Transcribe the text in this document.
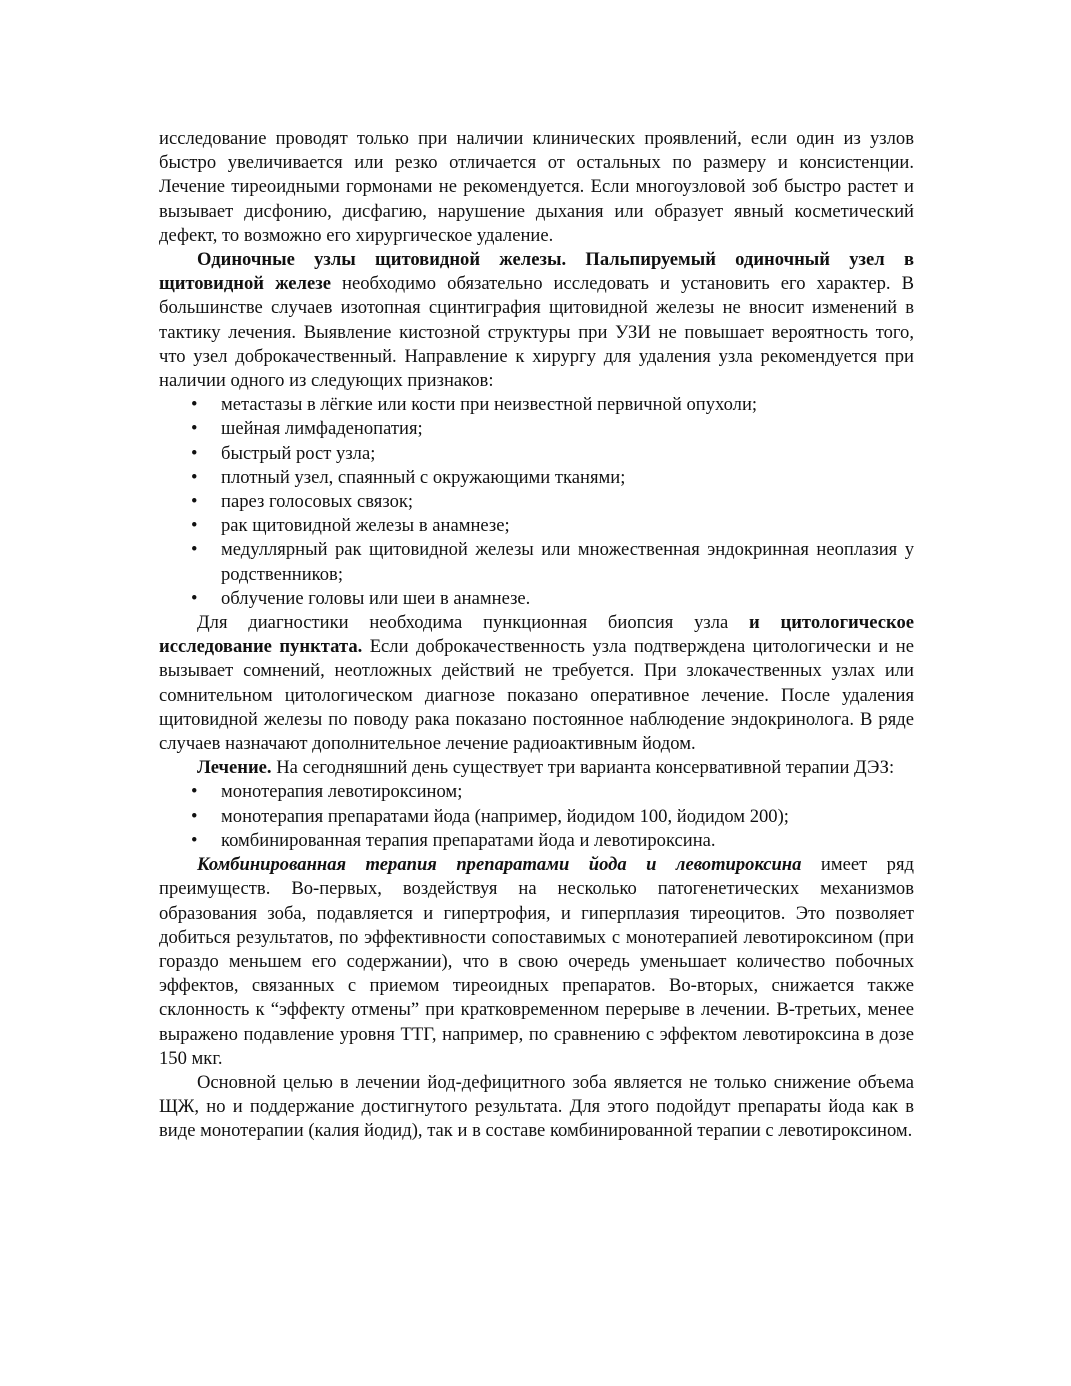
исследование проводят только при наличии клинических проявлений, если один из узлов быстро увеличивается или резко отличается от остальных по размеру и консистенции. Лечение тиреоидными гормонами не рекомендуется. Если многоузловой зоб быстро растет и вызывает дисфонию, дисфагию, нарушение дыхания или образует явный косметический дефект, то возможно его хирургическое удаление.

Одиночные узлы щитовидной железы. Пальпируемый одиночный узел в щитовидной железе необходимо обязательно исследовать и установить его характер. В большинстве случаев изотопная сцинтиграфия щитовидной железы не вносит изменений в тактику лечения. Выявление кистозной структуры при УЗИ не повышает вероятность того, что узел доброкачественный. Направление к хирургу для удаления узла рекомендуется при наличии одного из следующих признаков:

• метастазы в лёгкие или кости при неизвестной первичной опухоли;
• шейная лимфаденопатия;
• быстрый рост узла;
• плотный узел, спаянный с окружающими тканями;
• парез голосовых связок;
• рак щитовидной железы в анамнезе;
• медуллярный рак щитовидной железы или множественная эндокринная неоплазия у родственников;
• облучение головы или шеи в анамнезе.

Для диагностики необходима пункционная биопсия узла и цитологическое исследование пунктата. Если доброкачественность узла подтверждена цитологически и не вызывает сомнений, неотложных действий не требуется. При злокачественных узлах или сомнительном цитологическом диагнозе показано оперативное лечение. После удаления щитовидной железы по поводу рака показано постоянное наблюдение эндокринолога. В ряде случаев назначают дополнительное лечение радиоактивным йодом.

Лечение. На сегодняшний день существует три варианта консервативной терапии ДЭЗ:

• монотерапия левотироксином;
• монотерапия препаратами йода (например, йодидом 100, йодидом 200);
• комбинированная терапия препаратами йода и левотироксина.

Комбинированная терапия препаратами йода и левотироксина имеет ряд преимуществ. Во-первых, воздействуя на несколько патогенетических механизмов образования зоба, подавляется и гипертрофия, и гиперплазия тиреоцитов. Это позволяет добиться результатов, по эффективности сопоставимых с монотерапией левотироксином (при гораздо меньшем его содержании), что в свою очередь уменьшает количество побочных эффектов, связанных с приемом тиреоидных препаратов. Во-вторых, снижается также склонность к “эффекту отмены” при кратковременном перерыве в лечении. В-третьих, менее выражено подавление уровня ТТГ, например, по сравнению с эффектом левотироксина в дозе 150 мкг.

Основной целью в лечении йод-дефицитного зоба является не только снижение объема ЩЖ, но и поддержание достигнутого результата. Для этого подойдут препараты йода как в виде монотерапии (калия йодид), так и в составе комбинированной терапии с левотироксином.
